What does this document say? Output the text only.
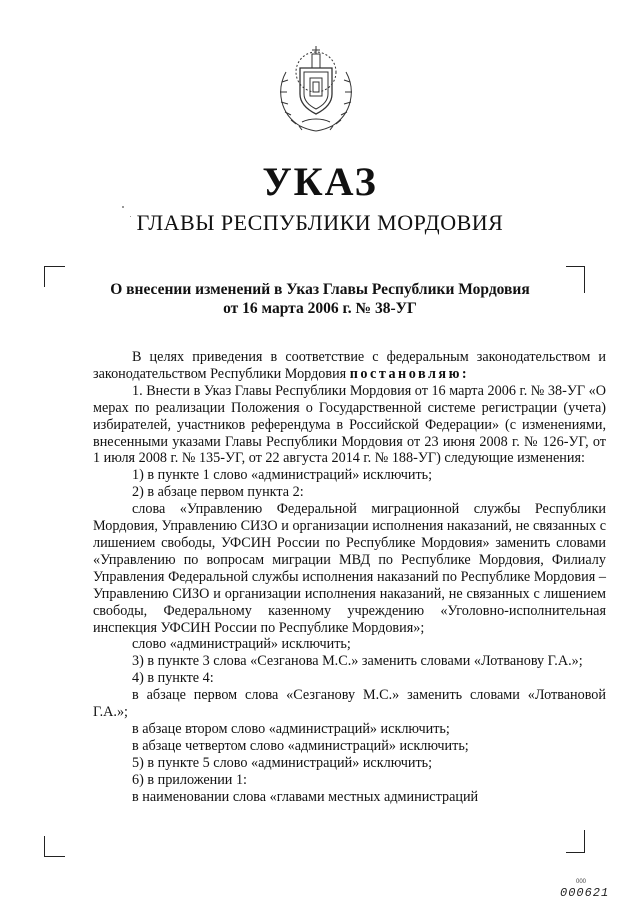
УКАЗ
ГЛАВЫ РЕСПУБЛИКИ МОРДОВИЯ
О внесении изменений в Указ Главы Республики Мордовия
от 16 марта 2006 г. № 38-УГ

В целях приведения в соответствие с федеральным законодательством и законодательством Республики Мордовия постановляю:

1. Внести в Указ Главы Республики Мордовия от 16 марта 2006 г. № 38-УГ «О мерах по реализации Положения о Государственной системе регистрации (учета) избирателей, участников референдума в Российской Федерации» (с изменениями, внесенными указами Главы Республики Мордовия от 23 июня 2008 г. № 126-УГ, от 1 июля 2008 г. № 135-УГ, от 22 августа 2014 г. № 188-УГ) следующие изменения:

1) в пункте 1 слово «администраций» исключить;

2) в абзаце первом пункта 2:

слова «Управлению Федеральной миграционной службы Республики Мордовия, Управлению СИЗО и организации исполнения наказаний, не связанных с лишением свободы, УФСИН России по Республике Мордовия» заменить словами «Управлению по вопросам миграции МВД по Республике Мордовия, Филиалу Управления Федеральной службы исполнения наказаний по Республике Мордовия – Управлению СИЗО и организации исполнения наказаний, не связанных с лишением свободы, Федеральному казенному учреждению «Уголовно-исполнительная инспекция УФСИН России по Республике Мордовия»;

слово «администраций» исключить;

3) в пункте 3 слова «Сезганова М.С.» заменить словами «Лотванову Г.А.»;

4) в пункте 4:

в абзаце первом слова «Сезганову М.С.» заменить словами «Лотвановой Г.А.»;

в абзаце втором слово «администраций» исключить;

в абзаце четвертом слово «администраций» исключить;

5) в пункте 5 слово «администраций» исключить;

6) в приложении 1:

в наименовании слова «главами местных администраций

000
000621
